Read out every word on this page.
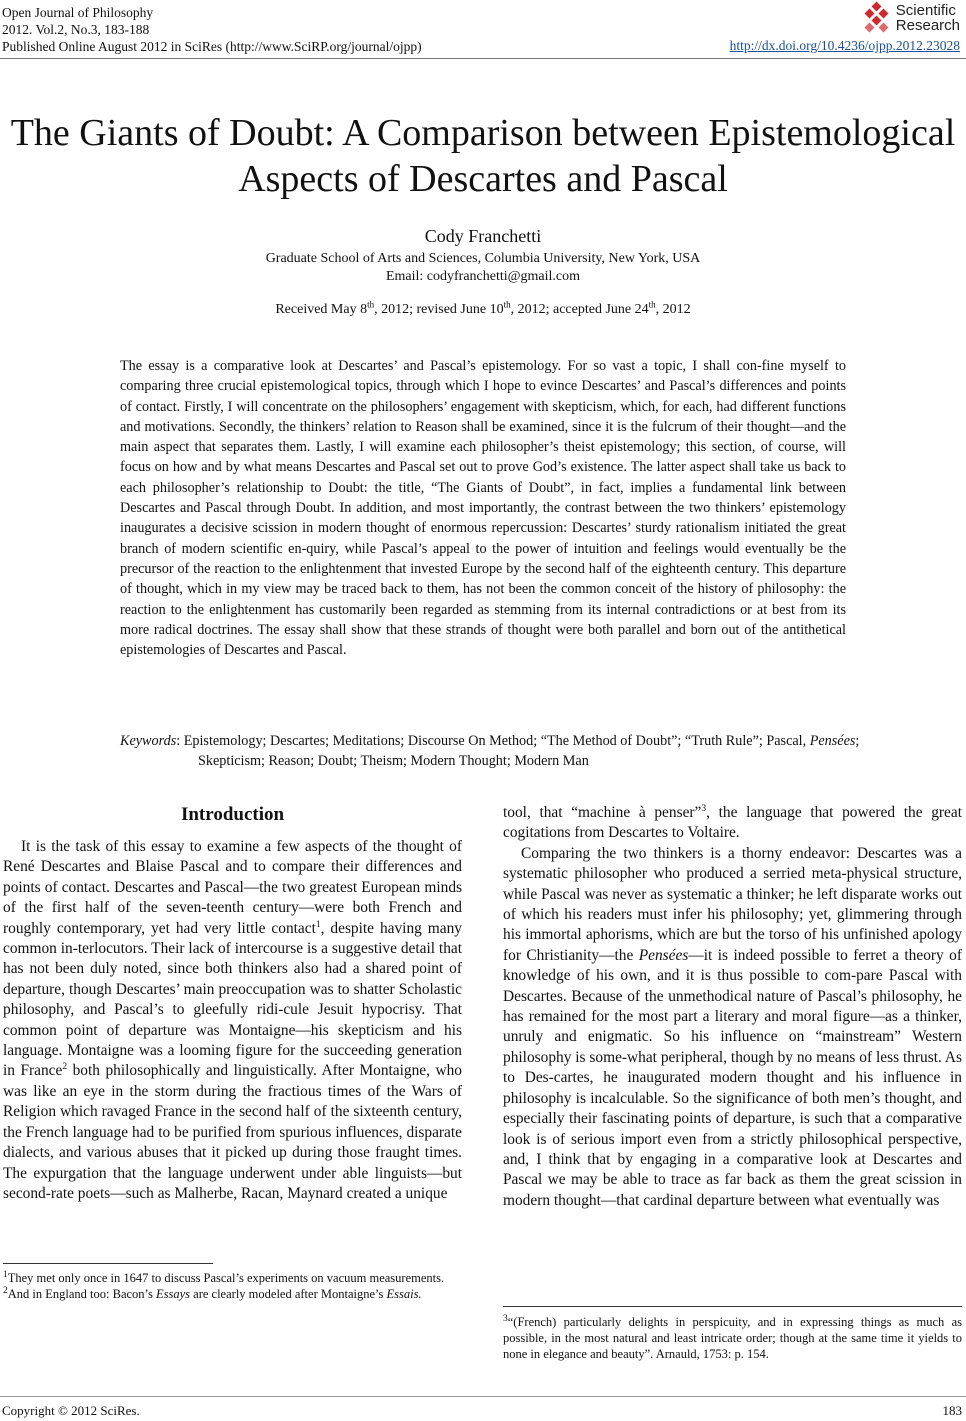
Open Journal of Philosophy
2012. Vol.2, No.3, 183-188
Published Online August 2012 in SciRes (http://www.SciRP.org/journal/ojpp)
Scientific
Research
http://dx.doi.org/10.4236/ojpp.2012.23028
The Giants of Doubt: A Comparison between Epistemological
Aspects of Descartes and Pascal
Cody Franchetti
Graduate School of Arts and Sciences, Columbia University, New York, USA
Email: codyfranchetti@gmail.com
Received May 8th, 2012; revised June 10th, 2012; accepted June 24th, 2012
The essay is a comparative look at Descartes’ and Pascal’s epistemology. For so vast a topic, I shall con-fine myself to comparing three crucial epistemological topics, through which I hope to evince Descartes’ and Pascal’s differences and points of contact. Firstly, I will concentrate on the philosophers’ engagement with skepticism, which, for each, had different functions and motivations. Secondly, the thinkers’ relation to Reason shall be examined, since it is the fulcrum of their thought—and the main aspect that separates them. Lastly, I will examine each philosopher’s theist epistemology; this section, of course, will focus on how and by what means Descartes and Pascal set out to prove God’s existence. The latter aspect shall take us back to each philosopher’s relationship to Doubt: the title, “The Giants of Doubt”, in fact, implies a fundamental link between Descartes and Pascal through Doubt. In addition, and most importantly, the contrast between the two thinkers’ epistemology inaugurates a decisive scission in modern thought of enormous repercussion: Descartes’ sturdy rationalism initiated the great branch of modern scientific en-quiry, while Pascal’s appeal to the power of intuition and feelings would eventually be the precursor of the reaction to the enlightenment that invested Europe by the second half of the eighteenth century. This departure of thought, which in my view may be traced back to them, has not been the common conceit of the history of philosophy: the reaction to the enlightenment has customarily been regarded as stemming from its internal contradictions or at best from its more radical doctrines. The essay shall show that these strands of thought were both parallel and born out of the antithetical epistemologies of Descartes and Pascal.
Keywords: Epistemology; Descartes; Meditations; Discourse On Method; “The Method of Doubt”; “Truth Rule”; Pascal, Pensées; Skepticism; Reason; Doubt; Theism; Modern Thought; Modern Man
Introduction

It is the task of this essay to examine a few aspects of the thought of René Descartes and Blaise Pascal and to compare their differences and points of contact. Descartes and Pascal—the two greatest European minds of the first half of the seven-teenth century—were both French and roughly contemporary, yet had very little contact$^1$, despite having many common in-terlocutors. Their lack of intercourse is a suggestive detail that has not been duly noted, since both thinkers also had a shared point of departure, though Descartes’ main preoccupation was to shatter Scholastic philosophy, and Pascal’s to gleefully ridi-cule Jesuit hypocrisy. That common point of departure was Montaigne—his skepticism and his language. Montaigne was a looming figure for the succeeding generation in France$^2$ both philosophically and linguistically. After Montaigne, who was like an eye in the storm during the fractious times of the Wars of Religion which ravaged France in the second half of the sixteenth century, the French language had to be purified from spurious influences, disparate dialects, and various abuses that it picked up during those fraught times. The expurgation that the language underwent under able linguists—but second-rate poets—such as Malherbe, Racan, Maynard created a unique

tool, that “machine à penser”$^3$, the language that powered the great cogitations from Descartes to Voltaire.

Comparing the two thinkers is a thorny endeavor: Descartes was a systematic philosopher who produced a serried meta-physical structure, while Pascal was never as systematic a thinker; he left disparate works out of which his readers must infer his philosophy; yet, glimmering through his immortal aphorisms, which are but the torso of his unfinished apology for Christianity—the Pensées—it is indeed possible to ferret a theory of knowledge of his own, and it is thus possible to com-pare Pascal with Descartes. Because of the unmethodical nature of Pascal’s philosophy, he has remained for the most part a literary and moral figure—as a thinker, unruly and enigmatic. So his influence on “mainstream” Western philosophy is some-what peripheral, though by no means of less thrust. As to Des-cartes, he inaugurated modern thought and his influence in philosophy is incalculable. So the significance of both men’s thought, and especially their fascinating points of departure, is such that a comparative look is of serious import even from a strictly philosophical perspective, and, I think that by engaging in a comparative look at Descartes and Pascal we may be able to trace as far back as them the great scission in modern thought—that cardinal departure between what eventually was

$^1$They met only once in 1647 to discuss Pascal’s experiments on vacuum measurements.
$^2$And in England too: Bacon’s Essays are clearly modeled after Montaigne’s Essais.
$^3$“(French) particularly delights in perspicuity, and in expressing things as much as possible, in the most natural and least intricate order; though at the same time it yields to none in elegance and beauty”. Arnauld, 1753: p. 154.
Copyright © 2012 SciRes.	183
